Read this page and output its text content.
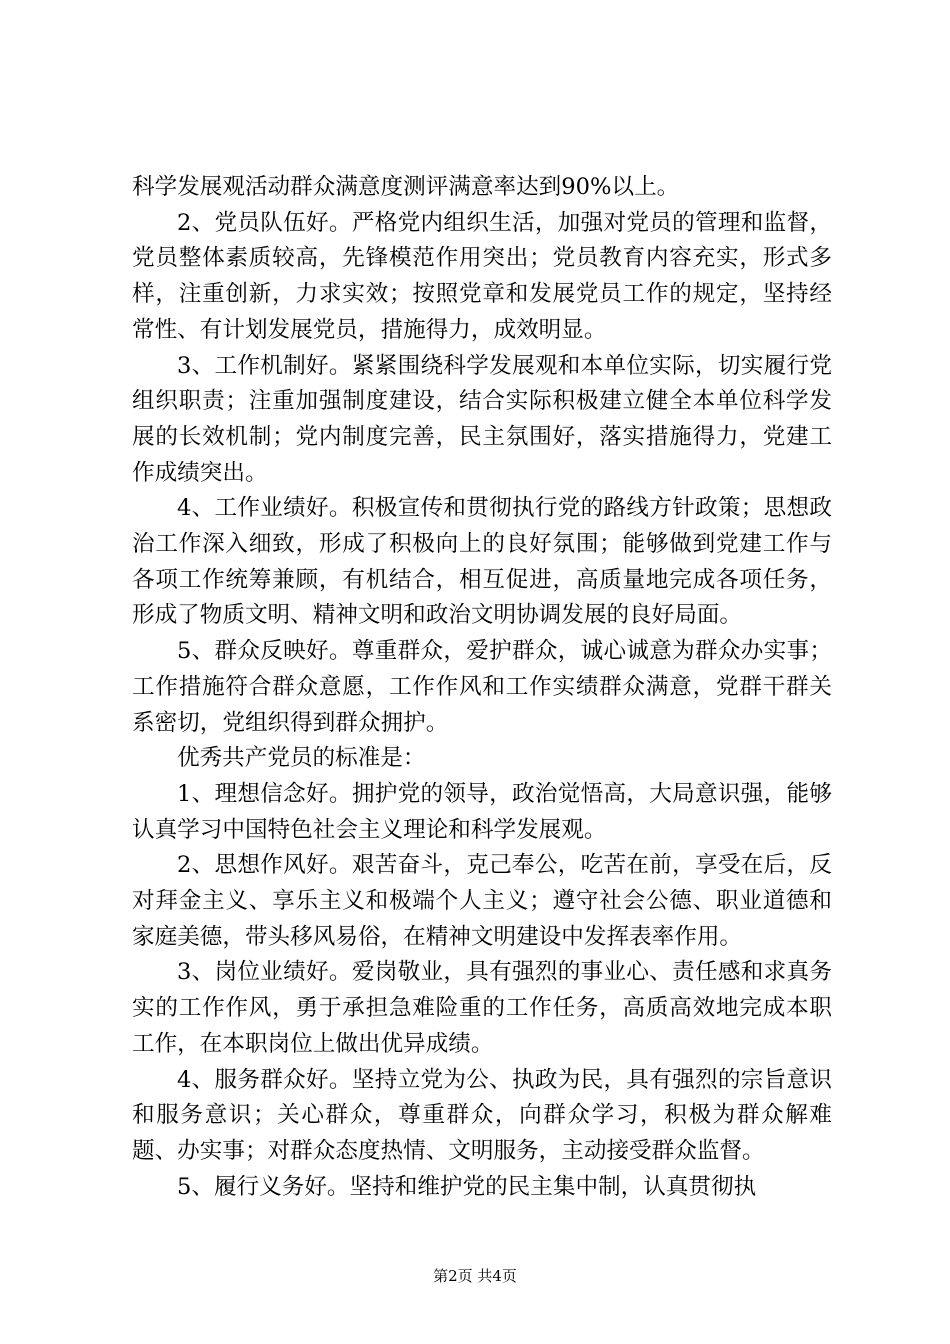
科学发展观活动群众满意度测评满意率达到90%以上。

2、党员队伍好。严格党内组织生活，加强对党员的管理和监督，党员整体素质较高，先锋模范作用突出；党员教育内容充实，形式多样，注重创新，力求实效；按照党章和发展党员工作的规定，坚持经常性、有计划发展党员，措施得力，成效明显。

3、工作机制好。紧紧围绕科学发展观和本单位实际，切实履行党组织职责；注重加强制度建设，结合实际积极建立健全本单位科学发展的长效机制；党内制度完善，民主氛围好，落实措施得力，党建工作成绩突出。

4、工作业绩好。积极宣传和贯彻执行党的路线方针政策；思想政治工作深入细致，形成了积极向上的良好氛围；能够做到党建工作与各项工作统筹兼顾，有机结合，相互促进，高质量地完成各项任务，形成了物质文明、精神文明和政治文明协调发展的良好局面。

5、群众反映好。尊重群众，爱护群众，诚心诚意为群众办实事；工作措施符合群众意愿，工作作风和工作实绩群众满意，党群干群关系密切，党组织得到群众拥护。

优秀共产党员的标准是：

1、理想信念好。拥护党的领导，政治觉悟高，大局意识强，能够认真学习中国特色社会主义理论和科学发展观。

2、思想作风好。艰苦奋斗，克己奉公，吃苦在前，享受在后，反对拜金主义、享乐主义和极端个人主义；遵守社会公德、职业道德和家庭美德，带头移风易俗，在精神文明建设中发挥表率作用。

3、岗位业绩好。爱岗敬业，具有强烈的事业心、责任感和求真务实的工作作风，勇于承担急难险重的工作任务，高质高效地完成本职工作，在本职岗位上做出优异成绩。

4、服务群众好。坚持立党为公、执政为民，具有强烈的宗旨意识和服务意识；关心群众，尊重群众，向群众学习，积极为群众解难题、办实事；对群众态度热情、文明服务，主动接受群众监督。

5、履行义务好。坚持和维护党的民主集中制，认真贯彻执

第2页 共4页
